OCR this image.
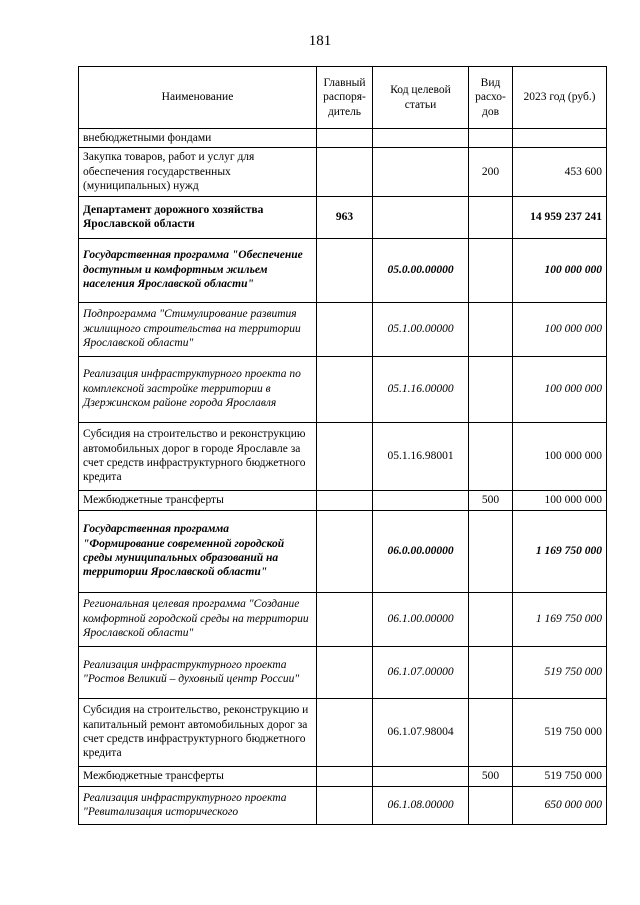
181
Наименование	Главный распоря- дитель	Код целевой статьи	Вид расхо- дов	2023 год (руб.)
внебюджетными фондами				
Закупка товаров, работ и услуг для обеспечения государственных (муниципальных) нужд			200	453 600
Департамент дорожного хозяйства Ярославской области	963			14 959 237 241
Государственная программа "Обеспечение доступным и комфортным жильем населения Ярославской области"		05.0.00.00000		100 000 000
Подпрограмма "Стимулирование развития жилищного строительства на территории Ярославской области"		05.1.00.00000		100 000 000
Реализация инфраструктурного проекта по комплексной застройке территории в Дзержинском районе города Ярославля		05.1.16.00000		100 000 000
Субсидия на строительство и реконструкцию автомобильных дорог в городе Ярославле за счет средств инфраструктурного бюджетного кредита		05.1.16.98001		100 000 000
Межбюджетные трансферты			500	100 000 000
Государственная программа "Формирование современной городской среды муниципальных образований на территории Ярославской области"		06.0.00.00000		1 169 750 000
Региональная целевая программа "Создание комфортной городской среды на территории Ярославской области"		06.1.00.00000		1 169 750 000
Реализация инфраструктурного проекта "Ростов Великий – духовный центр России"		06.1.07.00000		519 750 000
Субсидия на строительство, реконструкцию и капитальный ремонт автомобильных дорог за счет средств инфраструктурного бюджетного кредита		06.1.07.98004		519 750 000
Межбюджетные трансферты			500	519 750 000
Реализация инфраструктурного проекта "Ревитализация исторического		06.1.08.00000		650 000 000
